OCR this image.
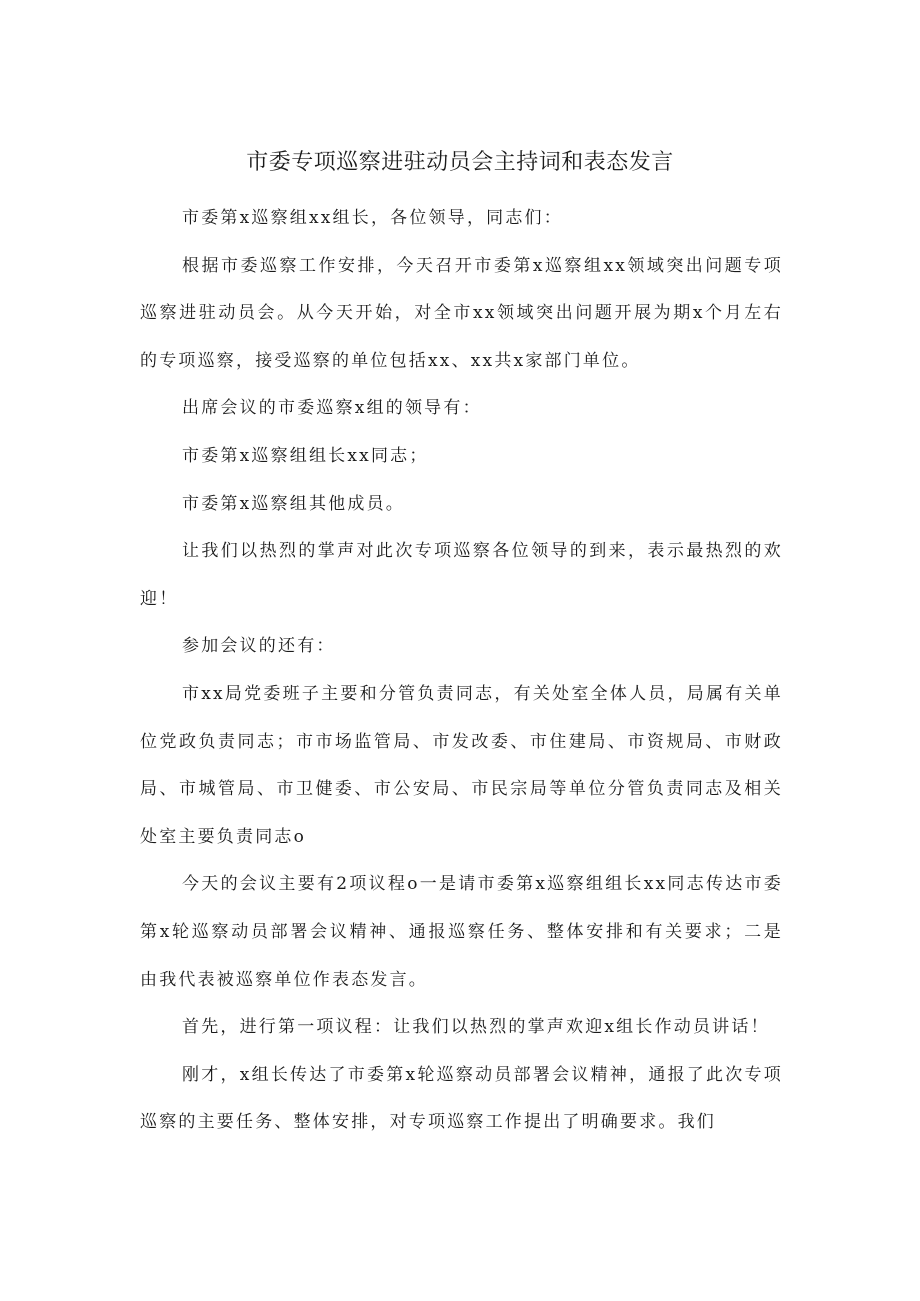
市委专项巡察进驻动员会主持词和表态发言

市委第x巡察组xx组长，各位领导，同志们：

根据市委巡察工作安排，今天召开市委第x巡察组xx领域突出问题专项巡察进驻动员会。从今天开始，对全市xx领域突出问题开展为期x个月左右的专项巡察，接受巡察的单位包括xx、xx共x家部门单位。

出席会议的市委巡察x组的领导有：

市委第x巡察组组长xx同志；

市委第x巡察组其他成员。

让我们以热烈的掌声对此次专项巡察各位领导的到来，表示最热烈的欢迎！

参加会议的还有：

市xx局党委班子主要和分管负责同志，有关处室全体人员，局属有关单位党政负责同志；市市场监管局、市发改委、市住建局、市资规局、市财政局、市城管局、市卫健委、市公安局、市民宗局等单位分管负责同志及相关处室主要负责同志o

今天的会议主要有2项议程o一是请市委第x巡察组组长xx同志传达市委第x轮巡察动员部署会议精神、通报巡察任务、整体安排和有关要求；二是由我代表被巡察单位作表态发言。

首先，进行第一项议程：让我们以热烈的掌声欢迎x组长作动员讲话！

刚才，x组长传达了市委第x轮巡察动员部署会议精神，通报了此次专项巡察的主要任务、整体安排，对专项巡察工作提出了明确要求。我们
